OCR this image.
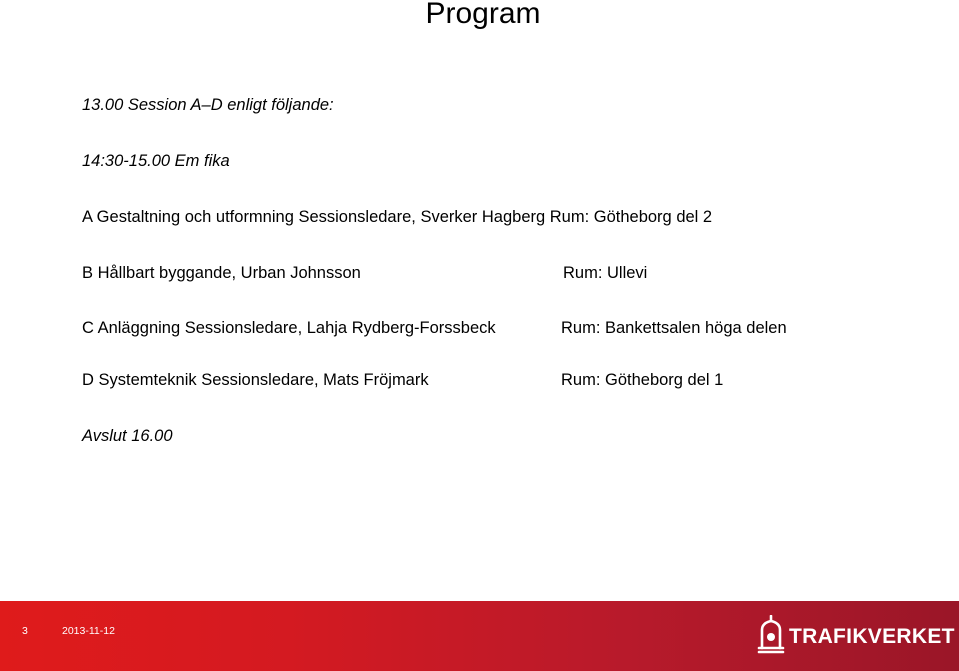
Program
13.00 Session A–D enligt följande:
14:30-15.00 Em fika
A Gestaltning och utformning Sessionsledare, Sverker Hagberg Rum: Götheborg del 2
B Hållbart byggande, Urban Johnsson	Rum: Ullevi
C Anläggning Sessionsledare, Lahja Rydberg-Forssbeck	Rum: Bankettsalen höga delen
D Systemteknik Sessionsledare, Mats Fröjmark	Rum: Götheborg del 1
Avslut 16.00
3	2013-11-12	TRAFIKVERKET
